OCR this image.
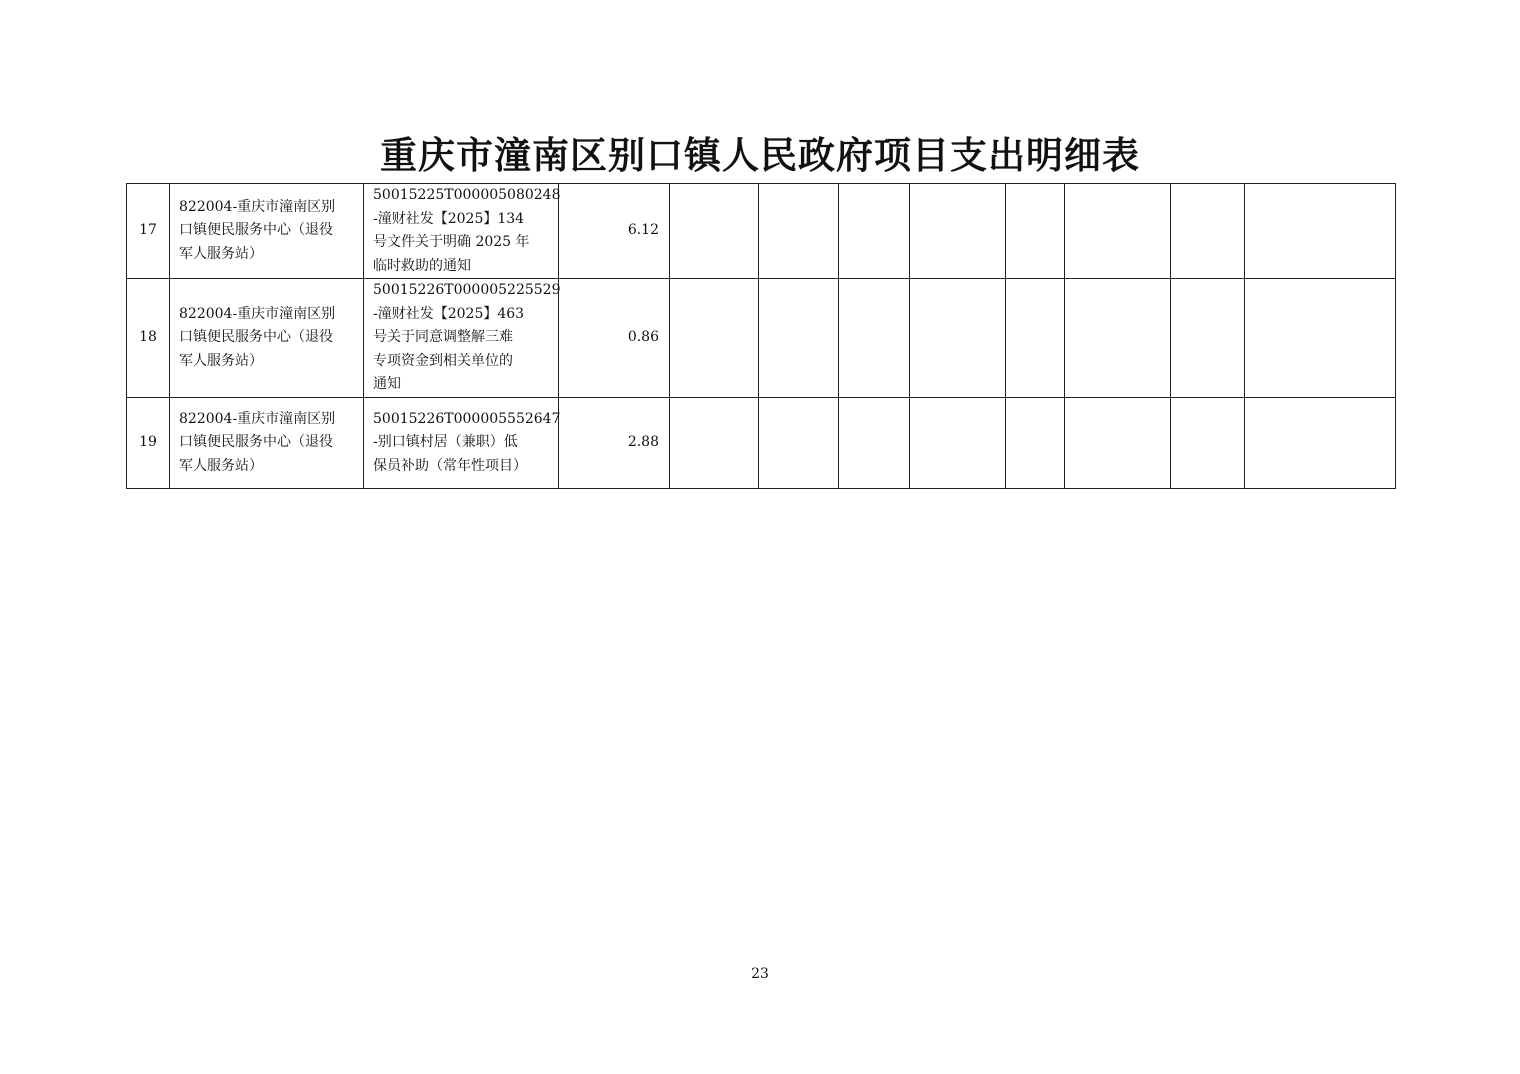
重庆市潼南区别口镇人民政府项目支出明细表
17	822004-重庆市潼南区别
口镇便民服务中心（退役
军人服务站）	50015225T000005080248
-潼财社发【2025】134
号文件关于明确 2025 年
临时救助的通知	6.12								
18	822004-重庆市潼南区别
口镇便民服务中心（退役
军人服务站）	50015226T000005225529
-潼财社发【2025】463
号关于同意调整解三难
专项资金到相关单位的
通知	0.86								
19	822004-重庆市潼南区别
口镇便民服务中心（退役
军人服务站）	50015226T000005552647
-别口镇村居（兼职）低
保员补助（常年性项目）	2.88								
23
